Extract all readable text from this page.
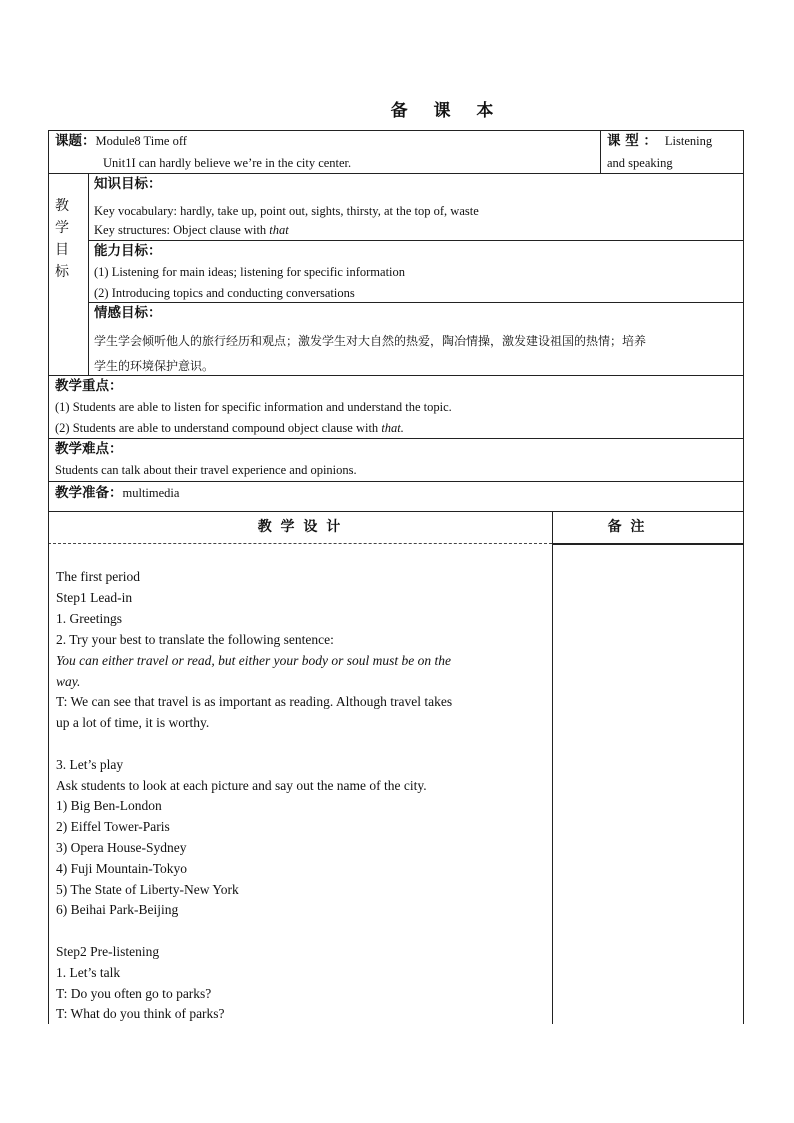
备 课 本
课题：Module8 Time off
Unit1I can hardly believe we’re in the city center.
课 型 ： Listening
and speaking
教
学
目
标
知识目标：
Key vocabulary: hardly, take up, point out, sights, thirsty, at the top of, waste
Key structures: Object clause with that
能力目标：
(1) Listening for main ideas; listening for specific information
(2) Introducing topics and conducting conversations
情感目标：
学生学会倾听他人的旅行经历和观点；激发学生对大自然的热爱，陶冶情操，激发建设祖国的热情；培养
学生的环境保护意识。
教学重点：
(1) Students are able to listen for specific information and understand the topic.
(2) Students are able to understand compound object clause with that.
教学难点：
Students can talk about their travel experience and opinions.
教学准备：multimedia
教 学 设 计	备 注
The first period
Step1 Lead-in
1. Greetings
2. Try your best to translate the following sentence:
You can either travel or read, but either your body or soul must be on the
way.
T: We can see that travel is as important as reading. Although travel takes
up a lot of time, it is worthy.
3. Let’s play
Ask students to look at each picture and say out the name of the city.
1) Big Ben-London
2) Eiffel Tower-Paris
3) Opera House-Sydney
4) Fuji Mountain-Tokyo
5) The State of Liberty-New York
6) Beihai Park-Beijing
Step2 Pre-listening
1. Let’s talk
T: Do you often go to parks?
T: What do you think of parks?
